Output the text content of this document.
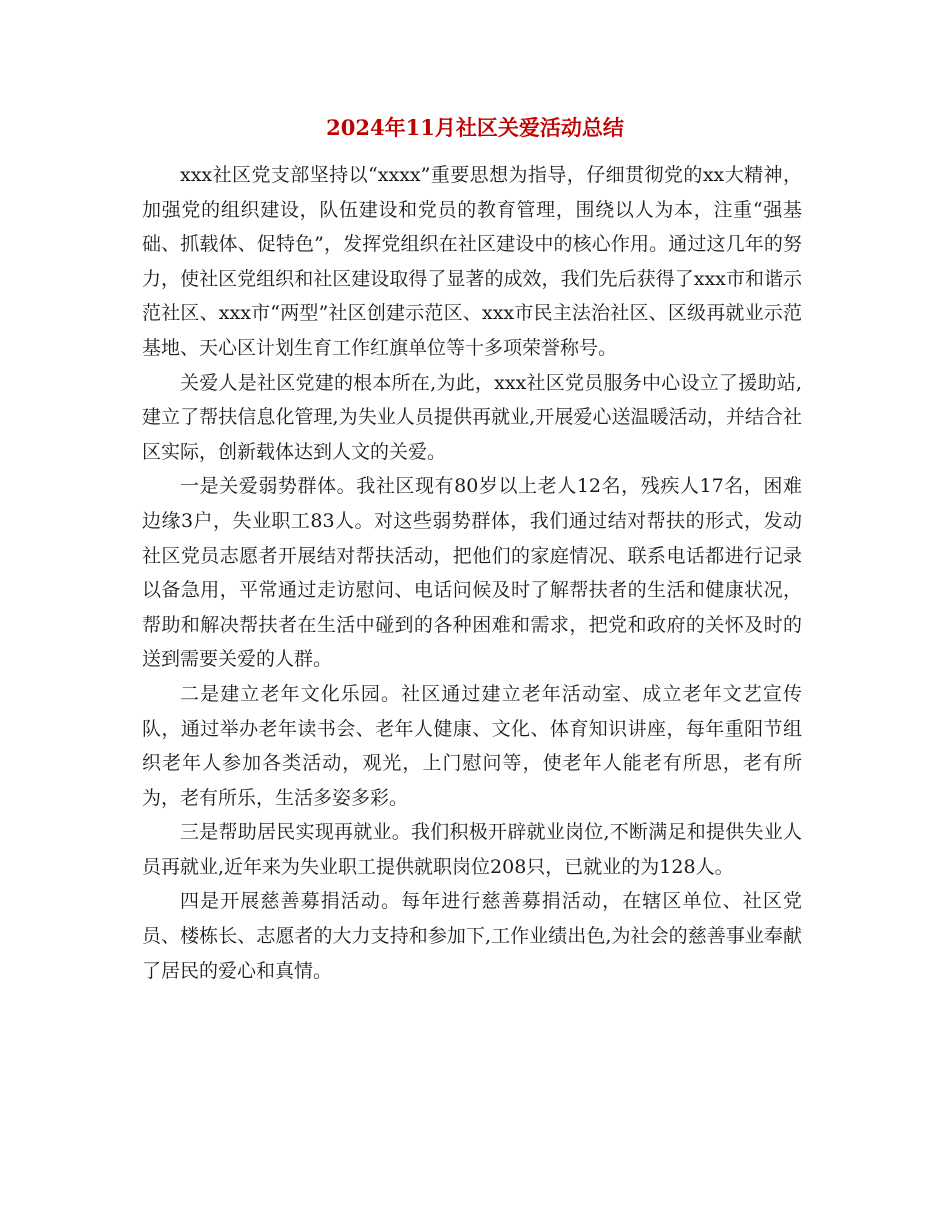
2024年11月社区关爱活动总结

xxx社区党支部坚持以“xxxx”重要思想为指导，仔细贯彻党的xx大精神，加强党的组织建设，队伍建设和党员的教育管理，围绕以人为本，注重“强基础、抓载体、促特色”，发挥党组织在社区建设中的核心作用。通过这几年的努力，使社区党组织和社区建设取得了显著的成效，我们先后获得了xxx市和谐示范社区、xxx市“两型”社区创建示范区、xxx市民主法治社区、区级再就业示范基地、天心区计划生育工作红旗单位等十多项荣誉称号。

关爱人是社区党建的根本所在,为此，xxx社区党员服务中心设立了援助站,建立了帮扶信息化管理,为失业人员提供再就业,开展爱心送温暖活动，并结合社区实际，创新载体达到人文的关爱。

一是关爱弱势群体。我社区现有80岁以上老人12名，残疾人17名，困难边缘3户，失业职工83人。对这些弱势群体，我们通过结对帮扶的形式，发动社区党员志愿者开展结对帮扶活动，把他们的家庭情况、联系电话都进行记录以备急用，平常通过走访慰问、电话问候及时了解帮扶者的生活和健康状况，帮助和解决帮扶者在生活中碰到的各种困难和需求，把党和政府的关怀及时的送到需要关爱的人群。

二是建立老年文化乐园。社区通过建立老年活动室、成立老年文艺宣传队，通过举办老年读书会、老年人健康、文化、体育知识讲座，每年重阳节组织老年人参加各类活动，观光，上门慰问等，使老年人能老有所思，老有所为，老有所乐，生活多姿多彩。

三是帮助居民实现再就业。我们积极开辟就业岗位,不断满足和提供失业人员再就业,近年来为失业职工提供就职岗位208只，已就业的为128人。

四是开展慈善募捐活动。每年进行慈善募捐活动，在辖区单位、社区党员、楼栋长、志愿者的大力支持和参加下,工作业绩出色,为社会的慈善事业奉献了居民的爱心和真情。
